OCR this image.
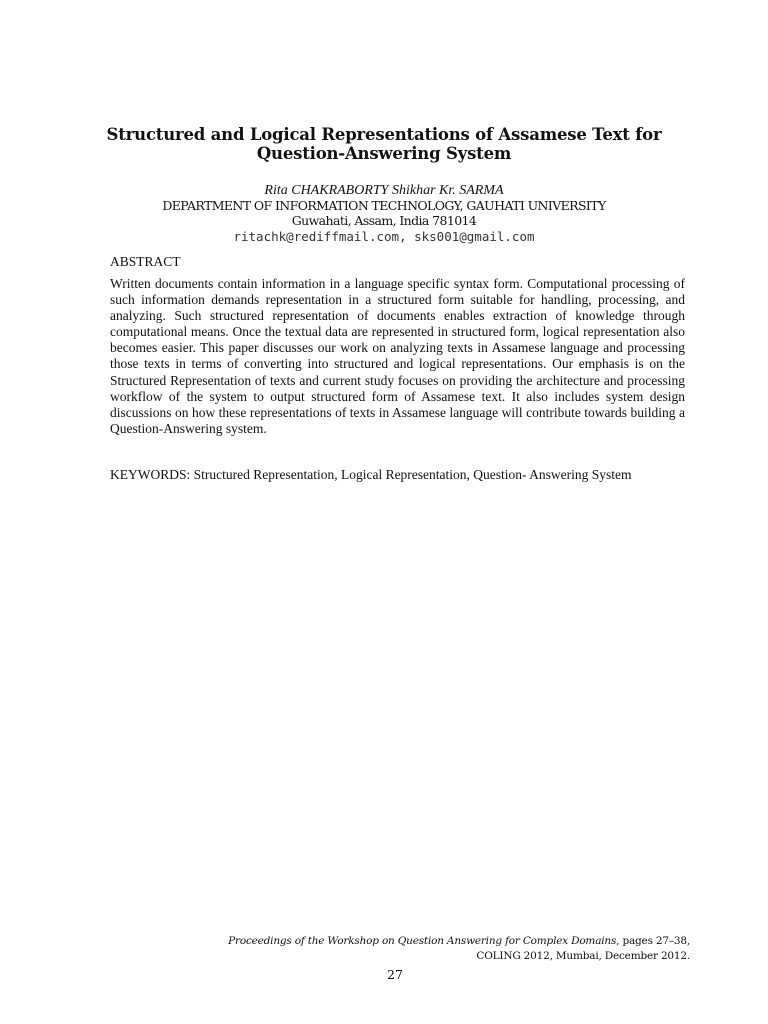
Structured and Logical Representations of Assamese Text for Question-Answering System
Rita CHAKRABORTY Shikhar Kr. SARMA
DEPARTMENT OF INFORMATION TECHNOLOGY, GAUHATI UNIVERSITY
Guwahati, Assam, India 781014
ritachk@rediffmail.com, sks001@gmail.com
ABSTRACT

Written documents contain information in a language specific syntax form. Computational processing of such information demands representation in a structured form suitable for handling, processing, and analyzing. Such structured representation of documents enables extraction of knowledge through computational means. Once the textual data are represented in structured form, logical representation also becomes easier. This paper discusses our work on analyzing texts in Assamese language and processing those texts in terms of converting into structured and logical representations. Our emphasis is on the Structured Representation of texts and current study focuses on providing the architecture and processing workflow of the system to output structured form of Assamese text. It also includes system design discussions on how these representations of texts in Assamese language will contribute towards building a Question-Answering system.

KEYWORDS: Structured Representation, Logical Representation, Question- Answering System
Proceedings of the Workshop on Question Answering for Complex Domains, pages 27–38,
COLING 2012, Mumbai, December 2012.
27
